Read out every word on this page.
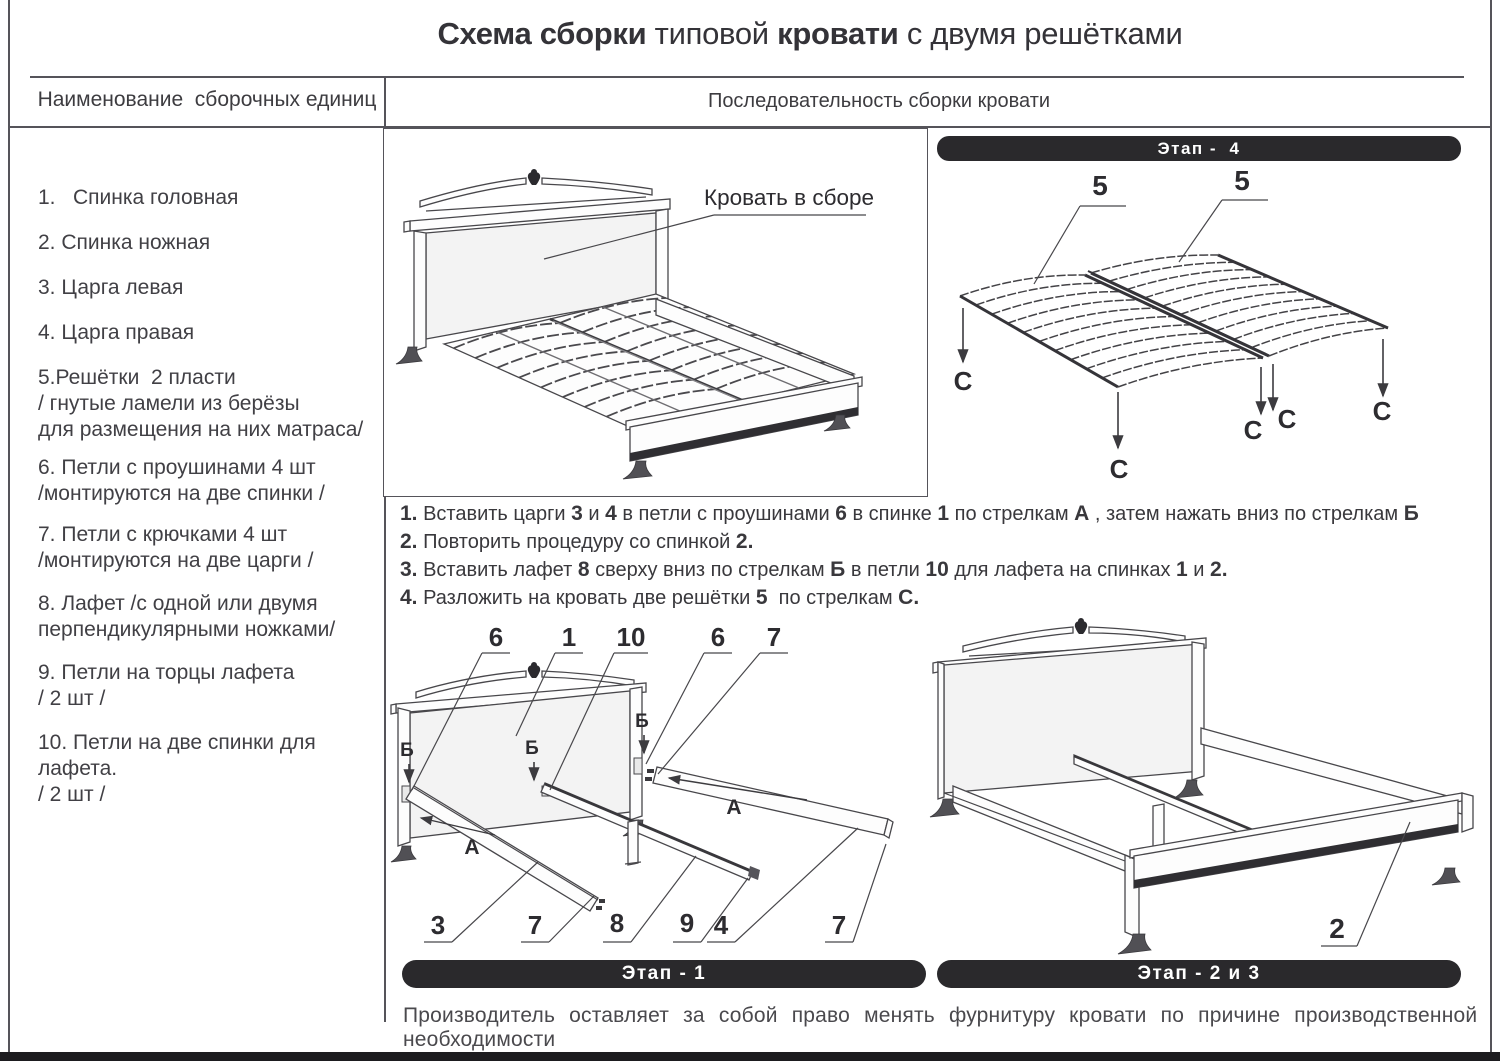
Схема сборки типовой кровати с двумя решётками
Наименование  сборочных единиц	Последовательность сборки кровати
1.   Спинка головная
2. Спинка ножная
3. Царга левая
4. Царга правая
5.Решётки  2 пласти
/ гнутые ламели из берёзы
для размещения на них матраса/
6. Петли с проушинами 4 шт
/монтируются на две спинки /
7. Петли с крючками 4 шт
/монтируются на две царги /
8. Лафет /с одной или двумя
перпендикулярными ножками/
9. Петли на торцы лафета
/ 2 шт /
10. Петли на две спинки для лафета.
/ 2 шт /
Кровать в сборе
Этап -  4
5	5
С
С
С С	С
1. Вставить царги 3 и 4 в петли с проушинами 6 в спинке 1 по стрелкам А , затем нажать вниз по стрелкам Б
2. Повторить процедуру со спинкой 2.
3. Вставить лафет 8 сверху вниз по стрелкам Б в петли 10 для лафета на спинках 1 и 2.
4. Разложить на кровать две решётки 5  по стрелкам С.
6 1 10	6 7
3	7	8 9 4	7
Б	Б
Б
А
А
2
Этап - 1	Этап - 2 и 3
Производитель оставляет за собой право менять фурнитуру кровати по причине производственной необходимости
